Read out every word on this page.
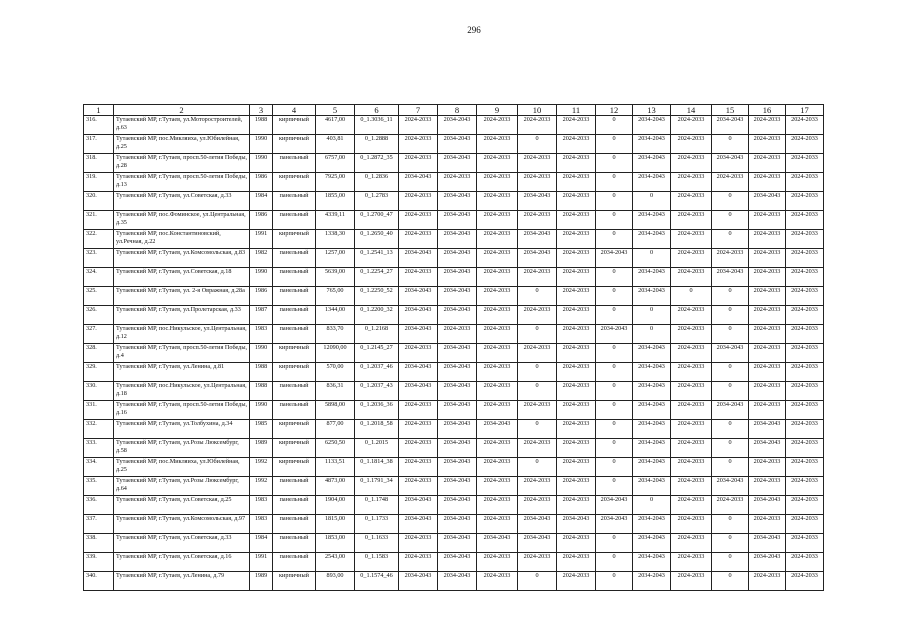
296
1	2	3	4	5	6	7	8	9	10	11	12	13	14	15	16	17
316.	Тутаевский МР, г.Тутаев, ул.Моторостроителей, д.63	1988	кирпичный	4617,00	0_1.3036_11	2024-2033	2034-2043	2024-2033	2024-2033	2024-2033	0	2034-2043	2024-2033	2034-2043	2024-2033	2024-2033
317.	Тутаевский МР, пос.Микляиха, ул.Юбилейная, д.25	1990	кирпичный	403,81	0_1.2888	2024-2033	2034-2043	2024-2033	0	2024-2033	0	2034-2043	2024-2033	0	2024-2033	2024-2033
318.	Тутаевский МР, г.Тутаев, просп.50-летия Победы, д.28	1990	панельный	6757,00	0_1.2872_35	2024-2033	2034-2043	2024-2033	2024-2033	2024-2033	0	2034-2043	2024-2033	2034-2043	2024-2033	2024-2033
319.	Тутаевский МР, г.Тутаев, просп.50-летия Победы, д.13	1986	кирпичный	7925,00	0_1.2836	2034-2043	2024-2033	2024-2033	2024-2033	2024-2033	0	2034-2043	2024-2033	2024-2033	2024-2033	2024-2033
320.	Тутаевский МР, г.Тутаев, ул.Советская, д.33	1984	панельный	1855,00	0_1.2783	2024-2033	2034-2043	2024-2033	2034-2043	2024-2033	0	0	2024-2033	0	2034-2043	2024-2033
321.	Тутаевский МР, пос.Фоминское, ул.Центральная, д.35	1986	панельный	4339,11	0_1.2700_47	2024-2033	2034-2043	2024-2033	2024-2033	2024-2033	0	2034-2043	2024-2033	0	2024-2033	2024-2033
322.	Тутаевский МР, пос.Константиновский, ул.Речная, д.22	1991	кирпичный	1338,30	0_1.2650_40	2024-2033	2034-2043	2024-2033	2034-2043	2024-2033	0	2034-2043	2024-2033	0	2024-2033	2024-2033
323.	Тутаевский МР, г.Тутаев, ул.Комсомольская, д.83	1982	панельный	1257,00	0_1.2541_13	2034-2043	2034-2043	2024-2033	2034-2043	2024-2033	2034-2043	0	2024-2033	2024-2033	2024-2033	2024-2033
324.	Тутаевский МР, г.Тутаев, ул.Советская, д.18	1990	панельный	5639,00	0_1.2254_27	2024-2033	2034-2043	2024-2033	2024-2033	2024-2033	0	2034-2043	2024-2033	2034-2043	2024-2033	2024-2033
325.	Тутаевский МР, г.Тутаев, ул. 2-я Овражная, д.28а	1986	панельный	765,00	0_1.2250_52	2034-2043	2034-2043	2024-2033	0	2024-2033	0	2034-2043	0	0	2024-2033	2024-2033
326.	Тутаевский МР, г.Тутаев, ул.Пролетарская, д.33	1987	панельный	1344,00	0_1.2200_32	2034-2043	2034-2043	2024-2033	2024-2033	2024-2033	0	0	2024-2033	0	2024-2033	2024-2033
327.	Тутаевский МР, пос.Никульское, ул.Центральная, д.12	1983	панельный	833,70	0_1.2168	2034-2043	2024-2033	2024-2033	0	2024-2033	2034-2043	0	2024-2033	0	2024-2033	2024-2033
328.	Тутаевский МР, г.Тутаев, просп.50-летия Победы, д.4	1990	кирпичный	12090,00	0_1.2145_27	2024-2033	2034-2043	2024-2033	2024-2033	2024-2033	0	2034-2043	2024-2033	2034-2043	2024-2033	2024-2033
329.	Тутаевский МР, г.Тутаев, ул.Ленина, д.81	1988	кирпичный	570,00	0_1.2037_46	2034-2043	2034-2043	2024-2033	0	2024-2033	0	2034-2043	2024-2033	0	2024-2033	2024-2033
330.	Тутаевский МР, пос.Никульское, ул.Центральная, д.18	1988	панельный	836,31	0_1.2037_43	2034-2043	2034-2043	2024-2033	0	2024-2033	0	2034-2043	2024-2033	0	2024-2033	2024-2033
331.	Тутаевский МР, г.Тутаев, просп.50-летия Победы, д.16	1990	панельный	5898,00	0_1.2036_36	2024-2033	2034-2043	2024-2033	2024-2033	2024-2033	0	2034-2043	2024-2033	2034-2043	2024-2033	2024-2033
332.	Тутаевский МР, г.Тутаев, ул.Толбухина, д.34	1985	кирпичный	877,00	0_1.2018_58	2024-2033	2034-2043	2034-2043	0	2024-2033	0	2034-2043	2024-2033	0	2034-2043	2024-2033
333.	Тутаевский МР, г.Тутаев, ул.Розы Люксембург, д.58	1989	кирпичный	6250,50	0_1.2015	2024-2033	2034-2043	2024-2033	2024-2033	2024-2033	0	2034-2043	2024-2033	0	2034-2043	2024-2033
334.	Тутаевский МР, пос.Микляиха, ул.Юбилейная, д.25	1992	кирпичный	1133,51	0_1.1814_38	2024-2033	2034-2043	2024-2033	0	2024-2033	0	2034-2043	2024-2033	0	2024-2033	2024-2033
335.	Тутаевский МР, г.Тутаев, ул.Розы Люксембург, д.64	1992	панельный	4873,00	0_1.1791_34	2024-2033	2034-2043	2024-2033	2024-2033	2024-2033	0	2034-2043	2024-2033	2034-2043	2024-2033	2024-2033
336.	Тутаевский МР, г.Тутаев, ул.Советская, д.25	1983	панельный	1904,00	0_1.1748	2034-2043	2034-2043	2024-2033	2024-2033	2024-2033	2034-2043	0	2024-2033	2024-2033	2034-2043	2024-2033
337.	Тутаевский МР, г.Тутаев, ул.Комсомольская, д.97	1983	панельный	1815,00	0_1.1733	2034-2043	2034-2043	2024-2033	2034-2043	2034-2043	2034-2043	2034-2043	2024-2033	0	2024-2033	2024-2033
338.	Тутаевский МР, г.Тутаев, ул.Советская, д.33	1984	панельный	1853,00	0_1.1633	2024-2033	2034-2043	2034-2043	2034-2043	2024-2033	0	2034-2043	2024-2033	0	2034-2043	2024-2033
339.	Тутаевский МР, г.Тутаев, ул.Советская, д.16	1991	панельный	2543,00	0_1.1583	2024-2033	2034-2043	2024-2033	2024-2033	2024-2033	0	2034-2043	2024-2033	0	2034-2043	2024-2033
340.	Тутаевский МР, г.Тутаев, ул.Ленина, д.79	1989	кирпичный	893,00	0_1.1574_46	2034-2043	2034-2043	2024-2033	0	2024-2033	0	2034-2043	2024-2033	0	2024-2033	2024-2033
